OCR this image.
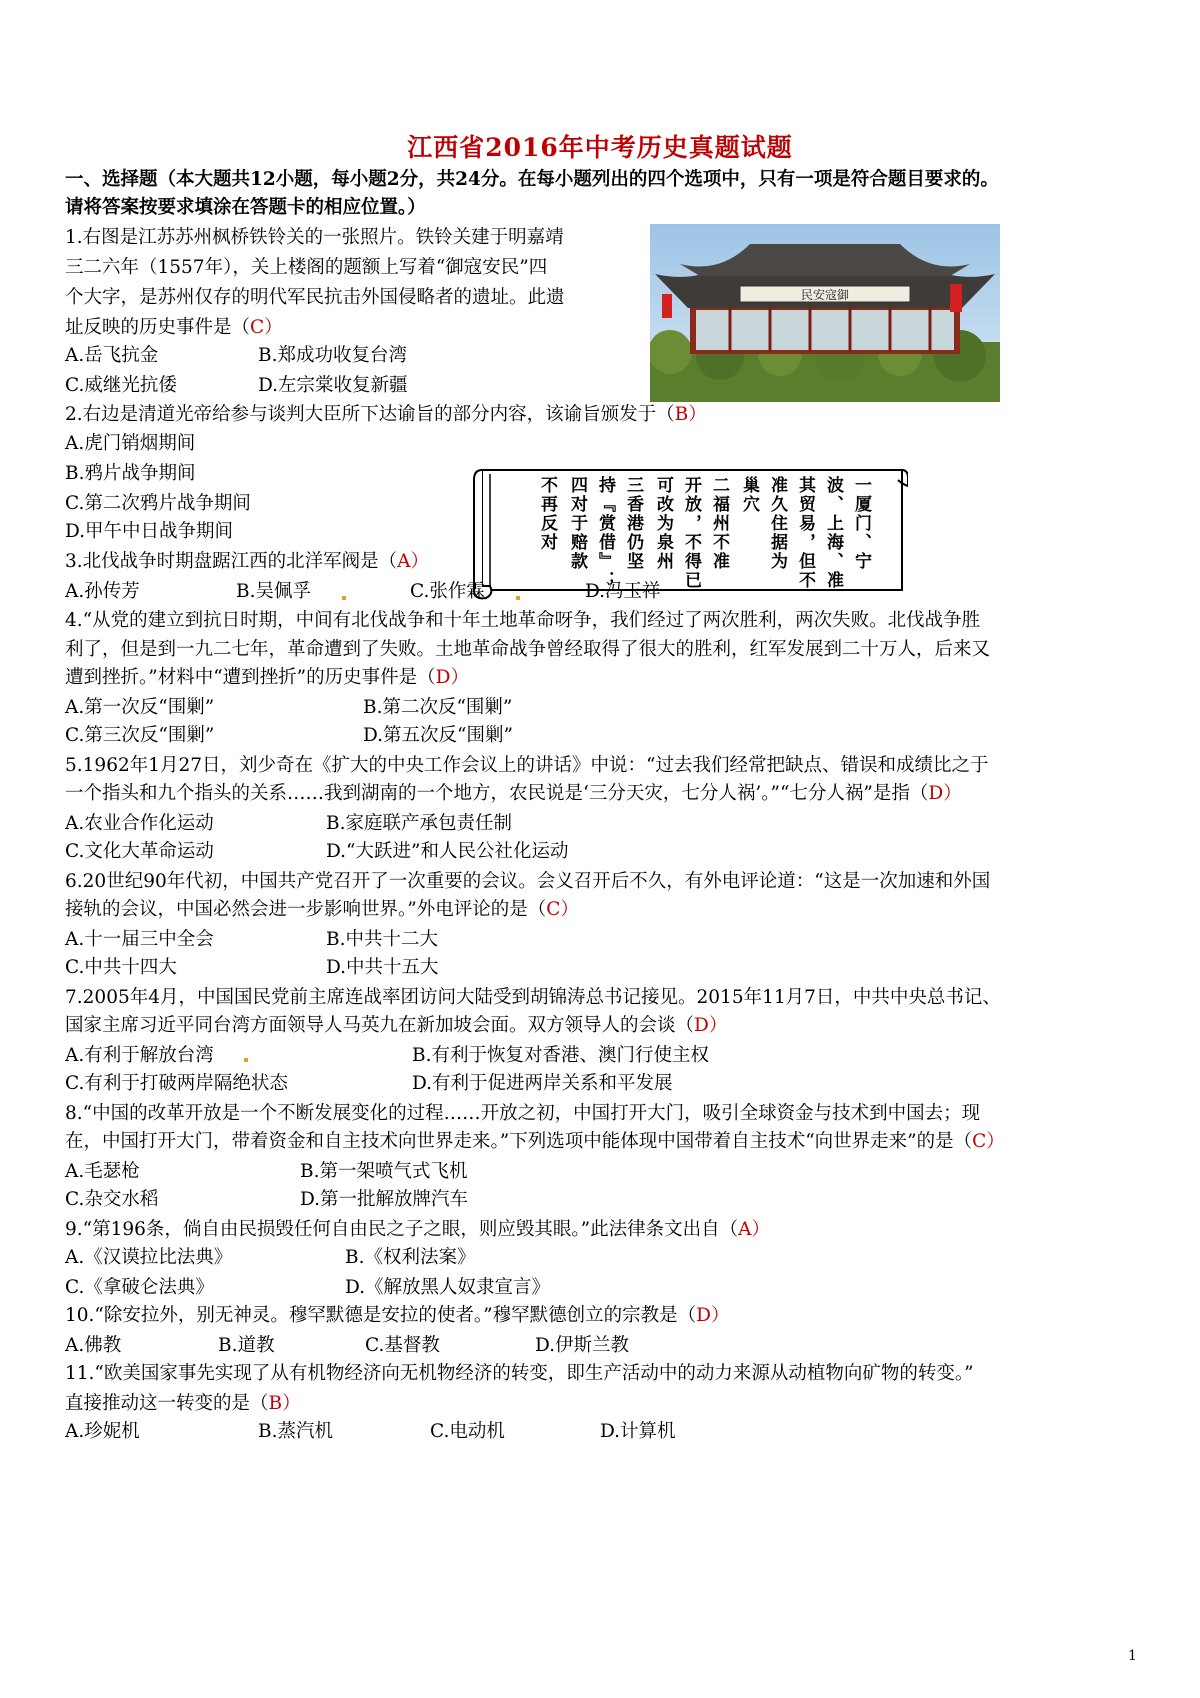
江西省2016年中考历史真题试题
一、选择题（本大题共12小题，每小题2分，共24分。在每小题列出的四个选项中，只有一项是符合题目要求的。
请将答案按要求填涂在答题卡的相应位置。）
民安寇御
1.右图是江苏苏州枫桥铁铃关的一张照片。铁铃关建于明嘉靖
三二六年（1557年），关上楼阁的题额上写着“御寇安民”四
个大字，是苏州仅存的明代军民抗击外国侵略者的遗址。此遗
址反映的历史事件是（C）
A.岳飞抗金	B.郑成功收复台湾
C.威继光抗倭	D.左宗棠收复新疆
2.右边是清道光帝给参与谈判大臣所下达谕旨的部分内容，该谕旨颁发于（B）
A.虎门销烟期间
B.鸦片战争期间
C.第二次鸦片战争期间
D.甲午中日战争期间	一厦门、宁
波、上海、准
其贸易，但不
准久住据为
巢穴
二福州不准
开放，不得已
可改为泉州
三香港仍坚
持『赏借』；
四对于赔款
不再反对
3.北伐战争时期盘踞江西的北洋军阀是（A）
A.孙传芳	B.吴佩孚	C.张作霖	D.冯玉祥
4.“从党的建立到抗日时期，中间有北伐战争和十年土地革命呀争，我们经过了两次胜利，两次失败。北伐战争胜
利了，但是到一九二七年，革命遭到了失败。土地革命战争曾经取得了很大的胜利，红军发展到二十万人，后来又
遭到挫折。”材料中“遭到挫折”的历史事件是（D）
A.第一次反“围剿”	B.第二次反“围剿”
C.第三次反“围剿”	D.第五次反“围剿”
5.1962年1月27日，刘少奇在《扩大的中央工作会议上的讲话》中说：“过去我们经常把缺点、错误和成绩比之于
一个指头和九个指头的关系……我到湖南的一个地方，农民说是‘三分天灾，七分人祸’。”“七分人祸”是指（D）
A.农业合作化运动	B.家庭联产承包责任制
C.文化大革命运动	D.“大跃进”和人民公社化运动
6.20世纪90年代初，中国共产党召开了一次重要的会议。会义召开后不久，有外电评论道：“这是一次加速和外国
接轨的会议，中国必然会进一步影响世界。”外电评论的是（C）
A.十一届三中全会	B.中共十二大
C.中共十四大	D.中共十五大
7.2005年4月，中国国民党前主席连战率团访问大陆受到胡锦涛总书记接见。2015年11月7日，中共中央总书记、
国家主席习近平同台湾方面领导人马英九在新加坡会面。双方领导人的会谈（D）
A.有利于解放台湾	B.有利于恢复对香港、澳门行使主权
C.有利于打破两岸隔绝状态	D.有利于促进两岸关系和平发展
8.“中国的改革开放是一个不断发展变化的过程……开放之初，中国打开大门，吸引全球资金与技术到中国去；现
在，中国打开大门，带着资金和自主技术向世界走来。”下列选项中能体现中国带着自主技术“向世界走来”的是（C）
A.毛瑟枪	B.第一架喷气式飞机
C.杂交水稻	D.第一批解放牌汽车
9.“第196条，倘自由民损毁任何自由民之子之眼，则应毁其眼。”此法律条文出自（A）
A.《汉谟拉比法典》	B.《权利法案》
C.《拿破仑法典》	D.《解放黑人奴隶宣言》
10.“除安拉外，别无神灵。穆罕默德是安拉的使者。”穆罕默德创立的宗教是（D）
A.佛教	B.道教	C.基督教	D.伊斯兰教
11.“欧美国家事先实现了从有机物经济向无机物经济的转变，即生产活动中的动力来源从动植物向矿物的转变。”
直接推动这一转变的是（B）
A.珍妮机	B.蒸汽机	C.电动机	D.计算机
1
